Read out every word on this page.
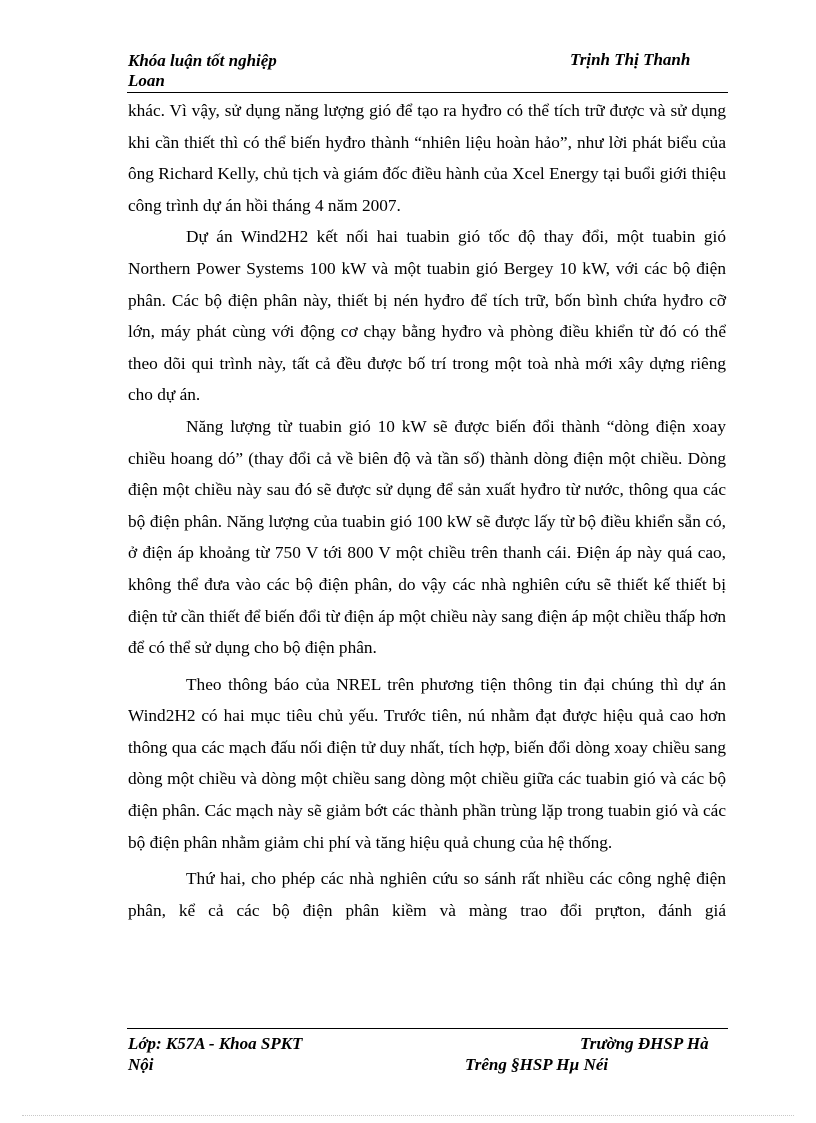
Khóa luận tốt nghiệp	Trịnh Thị Thanh
Loan

khác. Vì vậy, sử dụng năng lượng gió để tạo ra hyđro có thể tích trữ được và sử dụng khi cần thiết thì có thể biến hyđro thành “nhiên liệu hoàn hảo”, như lời phát biểu của ông Richard Kelly, chủ tịch và giám đốc điều hành của Xcel Energy tại buổi giới thiệu công trình dự án hồi tháng 4 năm 2007.

Dự án Wind2H2 kết nối hai tuabin gió tốc độ thay đổi, một tuabin gió Northern Power Systems 100 kW và một tuabin gió Bergey 10 kW, với các bộ điện phân. Các bộ điện phân này, thiết bị nén hyđro để tích trữ, bốn bình chứa hyđro cỡ lớn, máy phát cùng với động cơ chạy bằng hyđro và phòng điều khiển từ đó có thể theo dõi qui trình này, tất cả đều được bố trí trong một toà nhà mới xây dựng riêng cho dự án.

Năng lượng từ tuabin gió 10 kW sẽ được biến đổi thành “dòng điện xoay chiều hoang dó” (thay đổi cả về biên độ và tần số) thành dòng điện một chiều. Dòng điện một chiều này sau đó sẽ được sử dụng để sản xuất hyđro từ nước, thông qua các bộ điện phân. Năng lượng của tuabin gió 100 kW sẽ được lấy từ bộ điều khiển sẵn có, ở điện áp khoảng từ 750 V tới 800 V một chiều trên thanh cái. Điện áp này quá cao, không thể đưa vào các bộ điện phân, do vậy các nhà nghiên cứu sẽ thiết kế thiết bị điện tử cần thiết để biến đổi từ điện áp một chiều này sang điện áp một chiều thấp hơn để có thể sử dụng cho bộ điện phân.

Theo thông báo của NREL trên phương tiện thông tin đại chúng thì dự án Wind2H2 có hai mục tiêu chủ yếu. Trước tiên, nú nhằm đạt được hiệu quả cao hơn thông qua các mạch đấu nối điện tử duy nhất, tích hợp, biến đổi dòng xoay chiều sang dòng một chiều và dòng một chiều sang dòng một chiều giữa các tuabin gió và các bộ điện phân. Các mạch này sẽ giảm bớt các thành phần trùng lặp trong tuabin gió và các bộ điện phân nhằm giảm chi phí và tăng hiệu quả chung của hệ thống.

Thứ hai, cho phép các nhà nghiên cứu so sánh rất nhiều các công nghệ điện phân, kể cả các bộ điện phân kiềm và màng trao đổi prựton, đánh giá

Lớp: K57A - Khoa SPKT	Trường ĐHSP Hà
Nội	Trêng §HSP Hµ Néi
